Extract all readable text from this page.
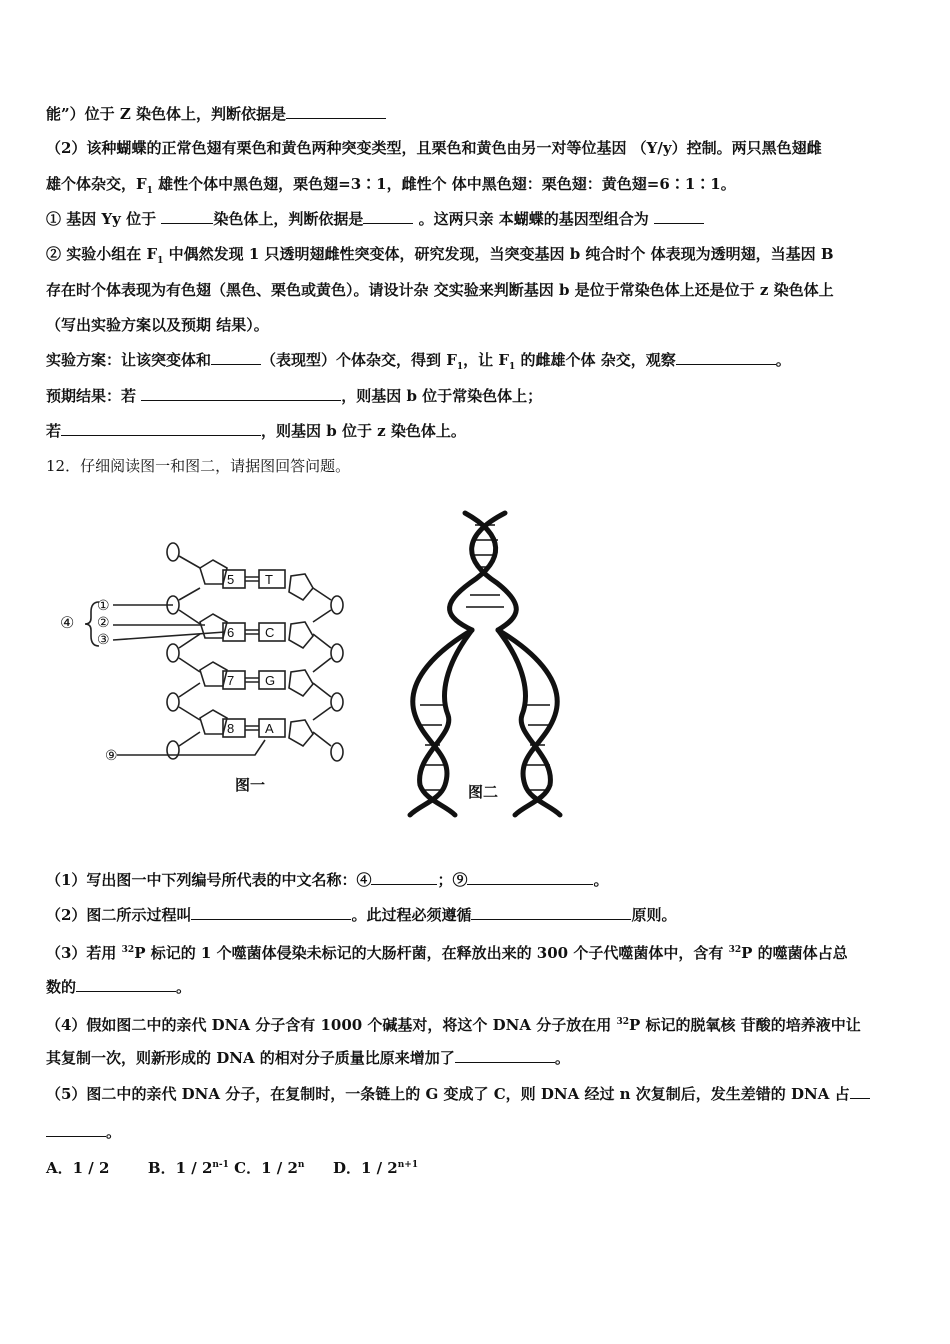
能”）位于 Z 染色体上，判断依据是
（2）该种蝴蝶的正常色翅有栗色和黄色两种突变类型，且栗色和黄色由另一对等位基因 （Y/y）控制。两只黑色翅雌
雄个体杂交，$F_1$ 雄性个体中黑色翅，栗色翅=3∶1，雌性个 体中黑色翅：栗色翅：黄色翅=6∶1∶1。
① 基因 Yy 位于	染色体上，判断依据是	。这两只亲 本蝴蝶的基因型组合为
② 实验小组在 $F_1$ 中偶然发现 1 只透明翅雌性突变体，研究发现，当突变基因 b 纯合时个 体表现为透明翅，当基因 B
存在时个体表现为有色翅（黑色、栗色或黄色）。请设计杂 交实验来判断基因 b 是位于常染色体上还是位于 z 染色体上
（写出实验方案以及预期 结果）。
实验方案：让该突变体和	（表现型）个体杂交，得到 $F_1$，让 $F_1$ 的雌雄个体 杂交，观察	。
预期结果：若	，则基因 b 位于常染色体上；
若	，则基因 b 位于 z 染色体上。
12．仔细阅读图一和图二，请据图回答问题。
5 T
6 C
7 G
8 A
④
①
②
③
⑨
图一	图二
（1）写出图一中下列编号所代表的中文名称：④	；⑨	。
（2）图二所示过程叫	。此过程必须遵循	原则。
（3）若用 $^{32}$P 标记的 1 个噬菌体侵染未标记的大肠杆菌，在释放出来的 300 个子代噬菌体中，含有 $^{32}$P 的噬菌体占总
数的	。
（4）假如图二中的亲代 DNA 分子含有 1000 个碱基对，将这个 DNA 分子放在用 $^{32}$P 标记的脱氧核 苷酸的培养液中让
其复制一次，则新形成的 DNA 的相对分子质量比原来增加了	。
（5）图二中的亲代 DNA 分子，在复制时，一条链上的 G 变成了 C，则 DNA 经过 n 次复制后，发生差错的 DNA 占
。
A．1 / 2	B．1 / 2$^{n-1}$ C．1 / 2$^n$ D．$1 / 2^{n+1}$
